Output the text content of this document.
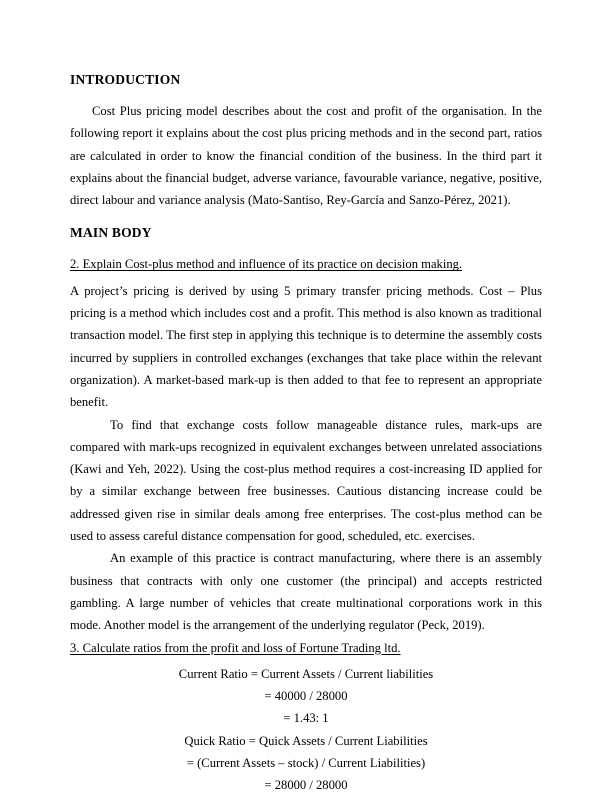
INTRODUCTION

Cost Plus pricing model describes about the cost and profit of the organisation. In the following report it explains about the cost plus pricing methods and in the second part, ratios are calculated in order to know the financial condition of the business. In the third part it explains about the financial budget, adverse variance, favourable variance, negative, positive, direct labour and variance analysis (Mato-Santiso, Rey-García and Sanzo-Pérez, 2021).

MAIN BODY
2. Explain Cost-plus method and influence of its practice on decision making.

A project’s pricing is derived by using 5 primary transfer pricing methods. Cost – Plus pricing is a method which includes cost and a profit. This method is also known as traditional transaction model. The first step in applying this technique is to determine the assembly costs incurred by suppliers in controlled exchanges (exchanges that take place within the relevant organization). A market-based mark-up is then added to that fee to represent an appropriate benefit.

To find that exchange costs follow manageable distance rules, mark-ups are compared with mark-ups recognized in equivalent exchanges between unrelated associations (Kawi and Yeh, 2022). Using the cost-plus method requires a cost-increasing ID applied for by a similar exchange between free businesses. Cautious distancing increase could be addressed given rise in similar deals among free enterprises. The cost-plus method can be used to assess careful distance compensation for good, scheduled, etc. exercises.

An example of this practice is contract manufacturing, where there is an assembly business that contracts with only one customer (the principal) and accepts restricted gambling. A large number of vehicles that create multinational corporations work in this mode. Another model is the arrangement of the underlying regulator (Peck, 2019).

3. Calculate ratios from the profit and loss of Fortune Trading ltd.
Current Ratio = Current Assets / Current liabilities
= 40000 / 28000
= 1.43: 1
Quick Ratio = Quick Assets / Current Liabilities
= (Current Assets – stock) / Current Liabilities)
= 28000 / 28000
